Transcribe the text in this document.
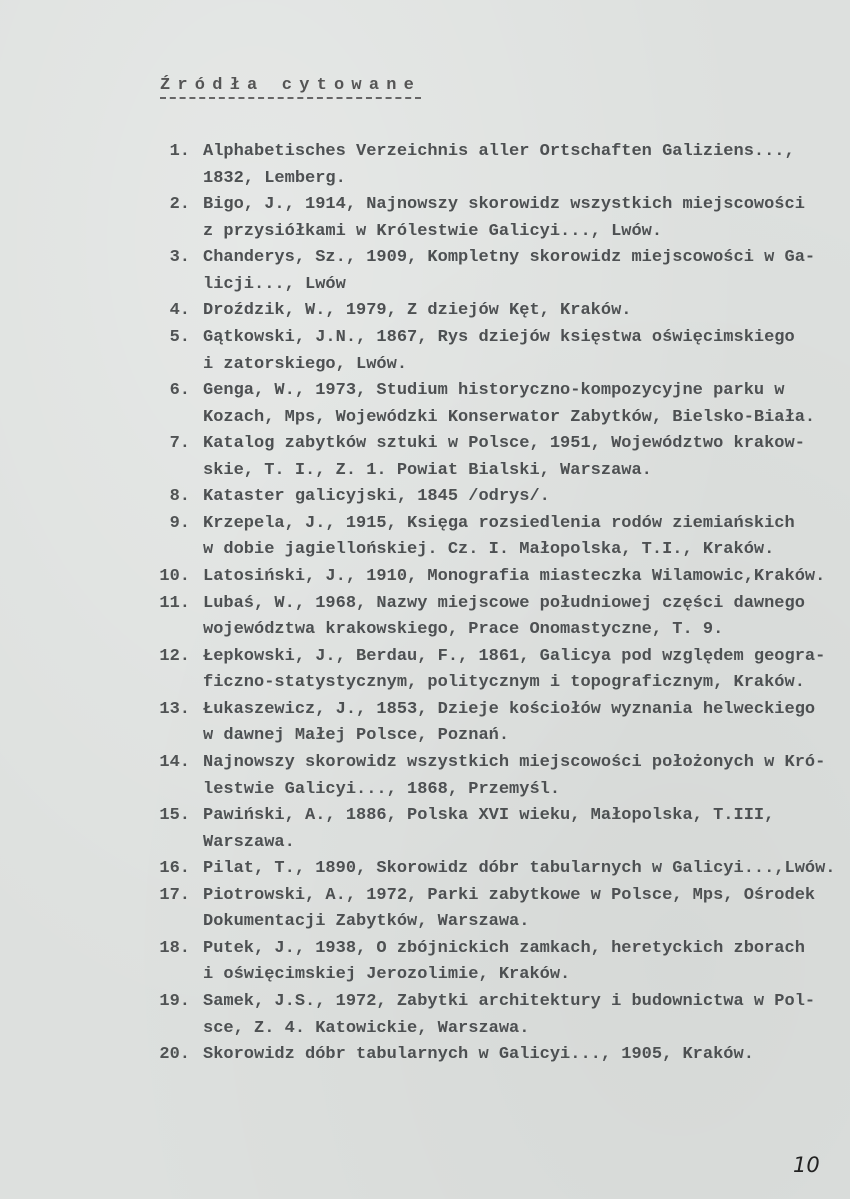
Źródła cytowane
1. Alphabetisches Verzeichnis aller Ortschaften Galiziens...,
1832, Lemberg.
2. Bigo, J., 1914, Najnowszy skorowidz wszystkich miejscowości
z przysiółkami w Królestwie Galicyi..., Lwów.
3. Chanderys, Sz., 1909, Kompletny skorowidz miejscowości w Ga-
licji..., Lwów
4. Droździk, W., 1979, Z dziejów Kęt, Kraków.
5. Gątkowski, J.N., 1867, Rys dziejów księstwa oświęcimskiego
i zatorskiego, Lwów.
6. Genga, W., 1973, Studium historyczno-kompozycyjne parku w
Kozach, Mps, Wojewódzki Konserwator Zabytków, Bielsko-Biała.
7. Katalog zabytków sztuki w Polsce, 1951, Województwo krakow-
skie, T. I., Z. 1. Powiat Bialski, Warszawa.
8. Kataster galicyjski, 1845 /odrys/.
9. Krzepela, J., 1915, Księga rozsiedlenia rodów ziemiańskich
w dobie jagiellońskiej. Cz. I. Małopolska, T.I., Kraków.
10. Latosiński, J., 1910, Monografia miasteczka Wilamowic,Kraków.
11. Lubaś, W., 1968, Nazwy miejscowe południowej części dawnego
województwa krakowskiego, Prace Onomastyczne, T. 9.
12. Łepkowski, J., Berdau, F., 1861, Galicya pod względem geogra-
ficzno-statystycznym, politycznym i topograficznym, Kraków.
13. Łukaszewicz, J., 1853, Dzieje kościołów wyznania helweckiego
w dawnej Małej Polsce, Poznań.
14. Najnowszy skorowidz wszystkich miejscowości położonych w Kró-
lestwie Galicyi..., 1868, Przemyśl.
15. Pawiński, A., 1886, Polska XVI wieku, Małopolska, T.III,
Warszawa.
16. Pilat, T., 1890, Skorowidz dóbr tabularnych w Galicyi...,Lwów.
17. Piotrowski, A., 1972, Parki zabytkowe w Polsce, Mps, Ośrodek
Dokumentacji Zabytków, Warszawa.
18. Putek, J., 1938, O zbójnickich zamkach, heretyckich zborach
i oświęcimskiej Jerozolimie, Kraków.
19. Samek, J.S., 1972, Zabytki architektury i budownictwa w Pol-
sce, Z. 4. Katowickie, Warszawa.
20. Skorowidz dóbr tabularnych w Galicyi..., 1905, Kraków.
10
